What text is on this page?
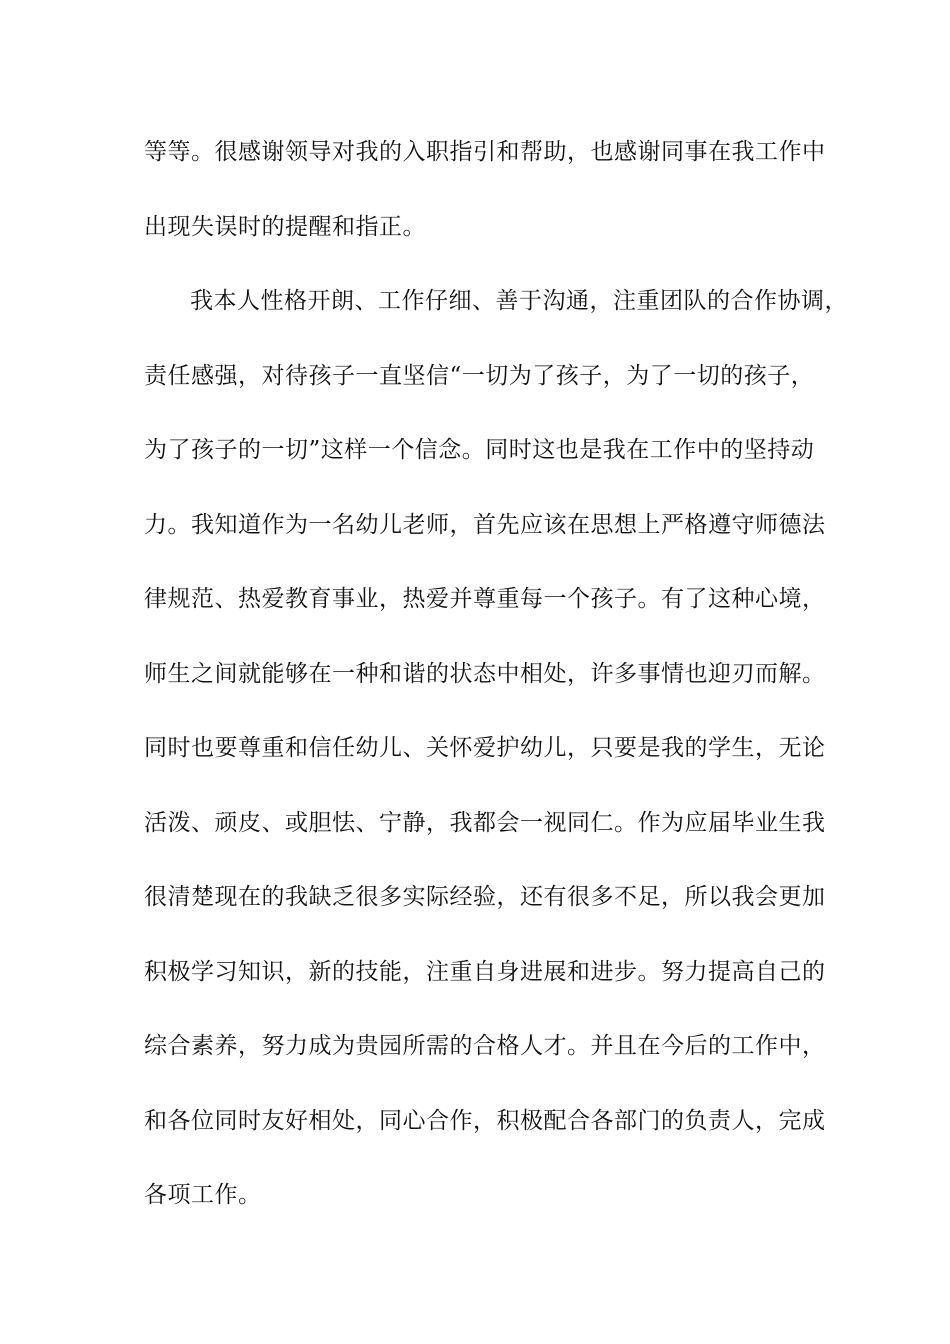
等等。很感谢领导对我的入职指引和帮助，也感谢同事在我工作中
出现失误时的提醒和指正。
我本人性格开朗、工作仔细、善于沟通，注重团队的合作协调，
责任感强，对待孩子一直坚信“一切为了孩子，为了一切的孩子，
为了孩子的一切”这样一个信念。同时这也是我在工作中的坚持动
力。我知道作为一名幼儿老师，首先应该在思想上严格遵守师德法
律规范、热爱教育事业，热爱并尊重每一个孩子。有了这种心境，
师生之间就能够在一种和谐的状态中相处，许多事情也迎刃而解。
同时也要尊重和信任幼儿、关怀爱护幼儿，只要是我的学生，无论
活泼、顽皮、或胆怯、宁静，我都会一视同仁。作为应届毕业生我
很清楚现在的我缺乏很多实际经验，还有很多不足，所以我会更加
积极学习知识，新的技能，注重自身进展和进步。努力提高自己的
综合素养，努力成为贵园所需的合格人才。并且在今后的工作中，
和各位同时友好相处，同心合作，积极配合各部门的负责人，完成
各项工作。
